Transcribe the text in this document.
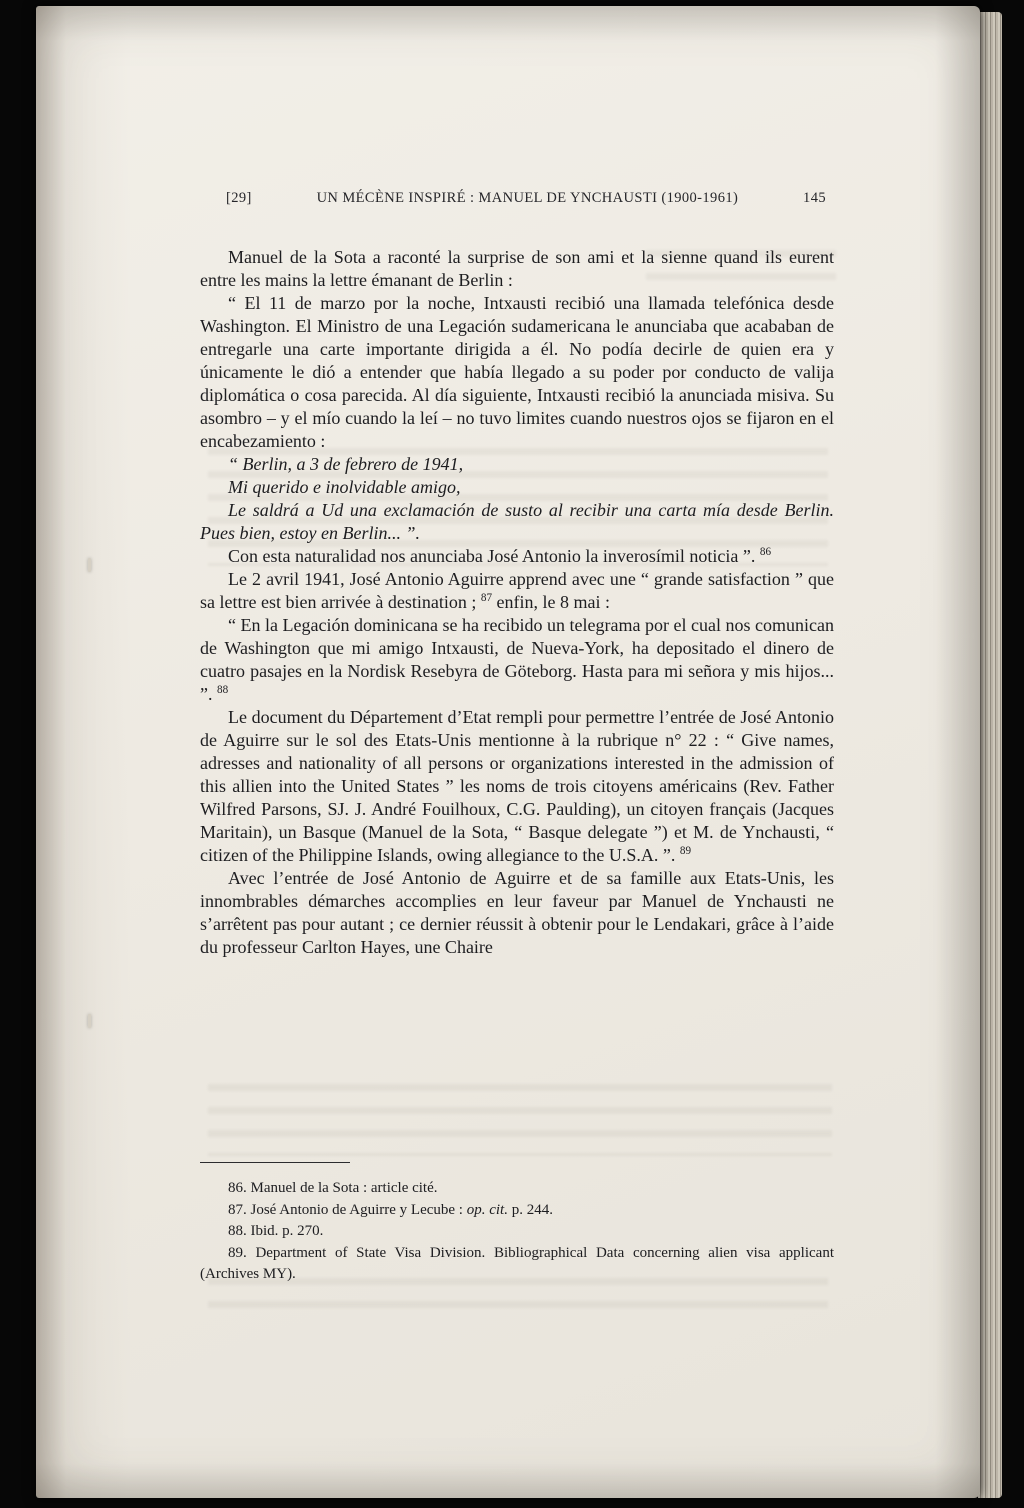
[29]	UN MÉCÈNE INSPIRÉ : MANUEL DE YNCHAUSTI (1900-1961)	145

Manuel de la Sota a raconté la surprise de son ami et la sienne quand ils eurent entre les mains la lettre émanant de Berlin :

“ El 11 de marzo por la noche, Intxausti recibió una llamada telefónica desde Washington. El Ministro de una Legación sudamericana le anunciaba que acababan de entregarle una carte importante dirigida a él. No podía decirle de quien era y únicamente le dió a entender que había llegado a su poder por conducto de valija diplomática o cosa parecida. Al día siguiente, Intxausti recibió la anunciada misiva. Su asombro – y el mío cuando la leí – no tuvo limites cuando nuestros ojos se fijaron en el encabezamiento :

“ Berlin, a 3 de febrero de 1941,

Mi querido e inolvidable amigo,

Le saldrá a Ud una exclamación de susto al recibir una carta mía desde Berlin. Pues bien, estoy en Berlin... ”.

Con esta naturalidad nos anunciaba José Antonio la inverosímil noticia ”. $^{86}$

Le 2 avril 1941, José Antonio Aguirre apprend avec une “ grande satisfaction ” que sa lettre est bien arrivée à destination ; $^{87}$ enfin, le 8 mai :

“ En la Legación dominicana se ha recibido un telegrama por el cual nos comunican de Washington que mi amigo Intxausti, de Nueva-York, ha depositado el dinero de cuatro pasajes en la Nordisk Resebyra de Göteborg. Hasta para mi señora y mis hijos... ”. $^{88}$

Le document du Département d’Etat rempli pour permettre l’entrée de José Antonio de Aguirre sur le sol des Etats-Unis mentionne à la rubrique n° 22 : “ Give names, adresses and nationality of all persons or organizations interested in the admission of this allien into the United States ” les noms de trois citoyens américains (Rev. Father Wilfred Parsons, SJ. J. André Fouilhoux, C.G. Paulding), un citoyen français (Jacques Maritain), un Basque (Manuel de la Sota, “ Basque delegate ”) et M. de Ynchausti, “ citizen of the Philippine Islands, owing allegiance to the U.S.A. ”. $^{89}$

Avec l’entrée de José Antonio de Aguirre et de sa famille aux Etats-Unis, les innombrables démarches accomplies en leur faveur par Manuel de Ynchausti ne s’arrêtent pas pour autant ; ce dernier réussit à obtenir pour le Lendakari, grâce à l’aide du professeur Carlton Hayes, une Chaire

86. Manuel de la Sota : article cité.

87. José Antonio de Aguirre y Lecube : op. cit. p. 244.

88. Ibid. p. 270.

89. Department of State Visa Division. Bibliographical Data concerning alien visa applicant (Archives MY).
